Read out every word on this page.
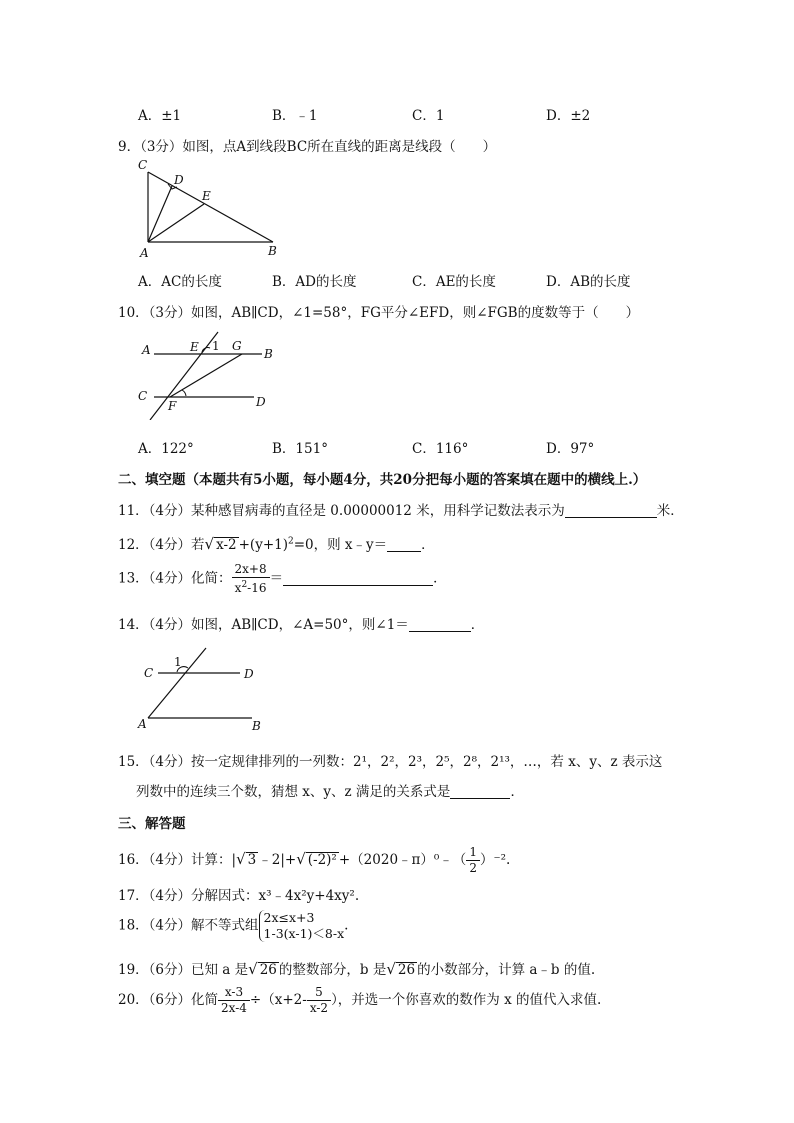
A．±1	B．﹣1	C．1	D．±2
9．（3分）如图，点A到线段BC所在直线的距离是线段（　　）
C
D
E
A	B
A．AC的长度	B．AD的长度	C．AE的长度	D．AB的长度
10．（3分）如图，AB∥CD，∠1=58°，FG平分∠EFD，则∠FGB的度数等于（　　）
A	E 1 G
B
C
F	D
A．122°	B．151°	C．116°	D．97°
二、填空题（本题共有5小题，每小题4分，共20分把每小题的答案填在题中的横线上.）
11．（4分）某种感冒病毒的直径是 0.00000012 米，用科学记数法表示为	米．
12．（4分）若√ $x-2 +(y+1)^2=0$，则 x﹣y＝	．
13．（4分）化简： $\frac{2x+8}{x^2-16}$ ＝	．
14．（4分）如图，AB∥CD，∠A=50°，则∠1＝	．
C
1
D
A	B
15．（4分）按一定规律排列的一列数：2¹，2²，2³，2⁵，2⁸，2¹³，…，若 x、y、z 表示这
列数中的连续三个数，猜想 x、y、z 满足的关系式是	．
三、解答题
16．（4分）计算：|√ 3 ﹣2|+√ (-2)² +（2020﹣π）⁰﹣（ $\frac{1}{2} )^{-2}$.
17．（4分）分解因式：x³﹣4x²y+4xy².
18．（4分）解不等式组 2x≤x+3
1-3(x-1)＜8-x .
19．（6分）已知 a 是√ 26 的整数部分，b 是√ 26 的小数部分，计算 a﹣b 的值.
20．（6分）化简 $\frac{x-3}{2x-4} \div(x+2- \frac{5}{x-2}$ ），并选一个你喜欢的数作为 x 的值代入求值.
